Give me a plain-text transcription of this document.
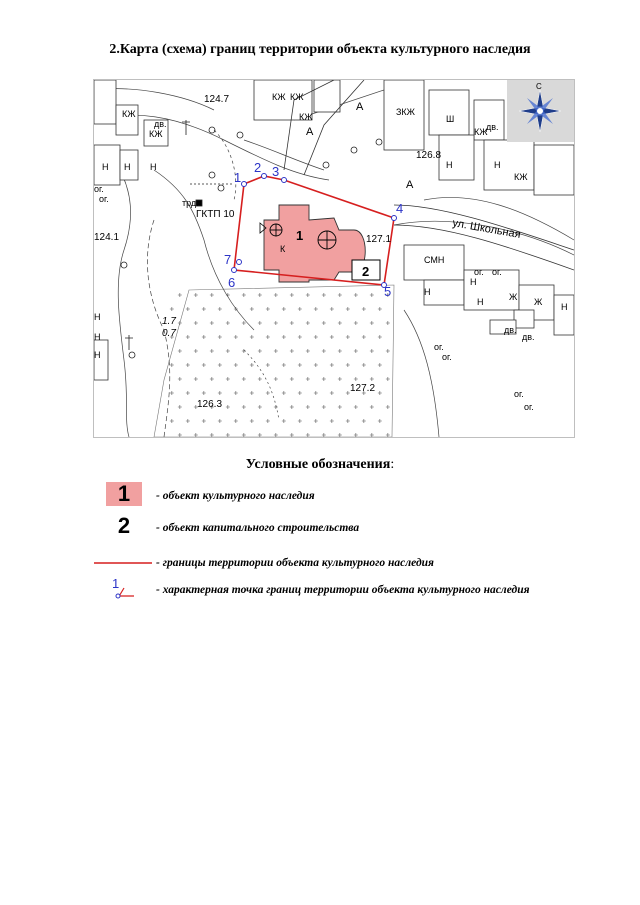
2.Карта (схема) границ территории объекта культурного наследия
124.7
126.8
127.1
124.1
127.2
126.3
1.7
0.7
КЖ
КЖ
Н Н Н
дв.
ЗКЖ
Ш
КЖ
дв.
Н	Н
КЖ
КЖ КЖ
Н
Н
Н	Ж
Н
КЖ
дв.
дв.
Ж
СМН
ог.
ог.
ог. ог.
ог.
ог.
ог.
ог.
А
А
А
Н
Н
Н
ул. Школьная
трд.
ГКТП 10
1
К
2
1
2 3
4
5
6
7
С
Условные обозначения:
1	- объект культурного наследия
2	- объект капитального строительства
- границы территории объекта культурного наследия
1	- характерная точка границ территории объекта культурного наследия
